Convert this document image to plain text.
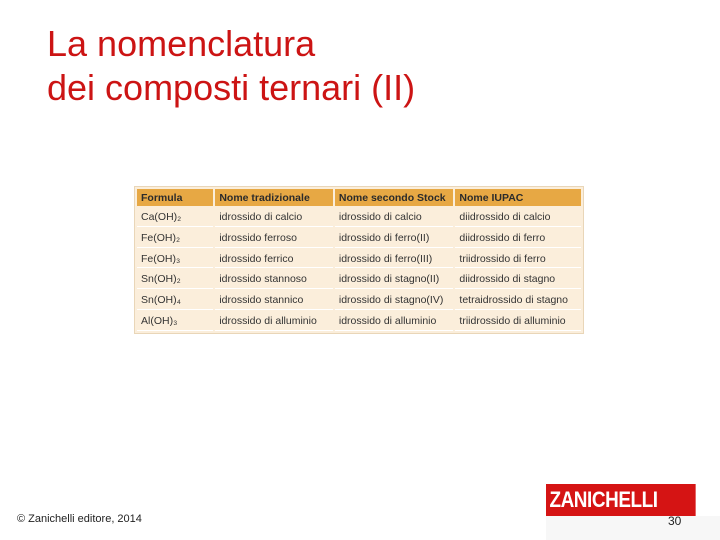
La nomenclatura
dei composti ternari (II)
Formula	Nome tradizionale	Nome secondo Stock	Nome IUPAC
Ca(OH)₂	idrossido di calcio	idrossido di calcio	diidrossido di calcio
Fe(OH)₂	idrossido ferroso	idrossido di ferro(II)	diidrossido di ferro
Fe(OH)₃	idrossido ferrico	idrossido di ferro(III)	triidrossido di ferro
Sn(OH)₂	idrossido stannoso	idrossido di stagno(II)	diidrossido di stagno
Sn(OH)₄	idrossido stannico	idrossido di stagno(IV)	tetraidrossido di stagno
Al(OH)₃	idrossido di alluminio	idrossido di alluminio	triidrossido di alluminio
© Zanichelli editore, 2014
ZANICHELLI
30
